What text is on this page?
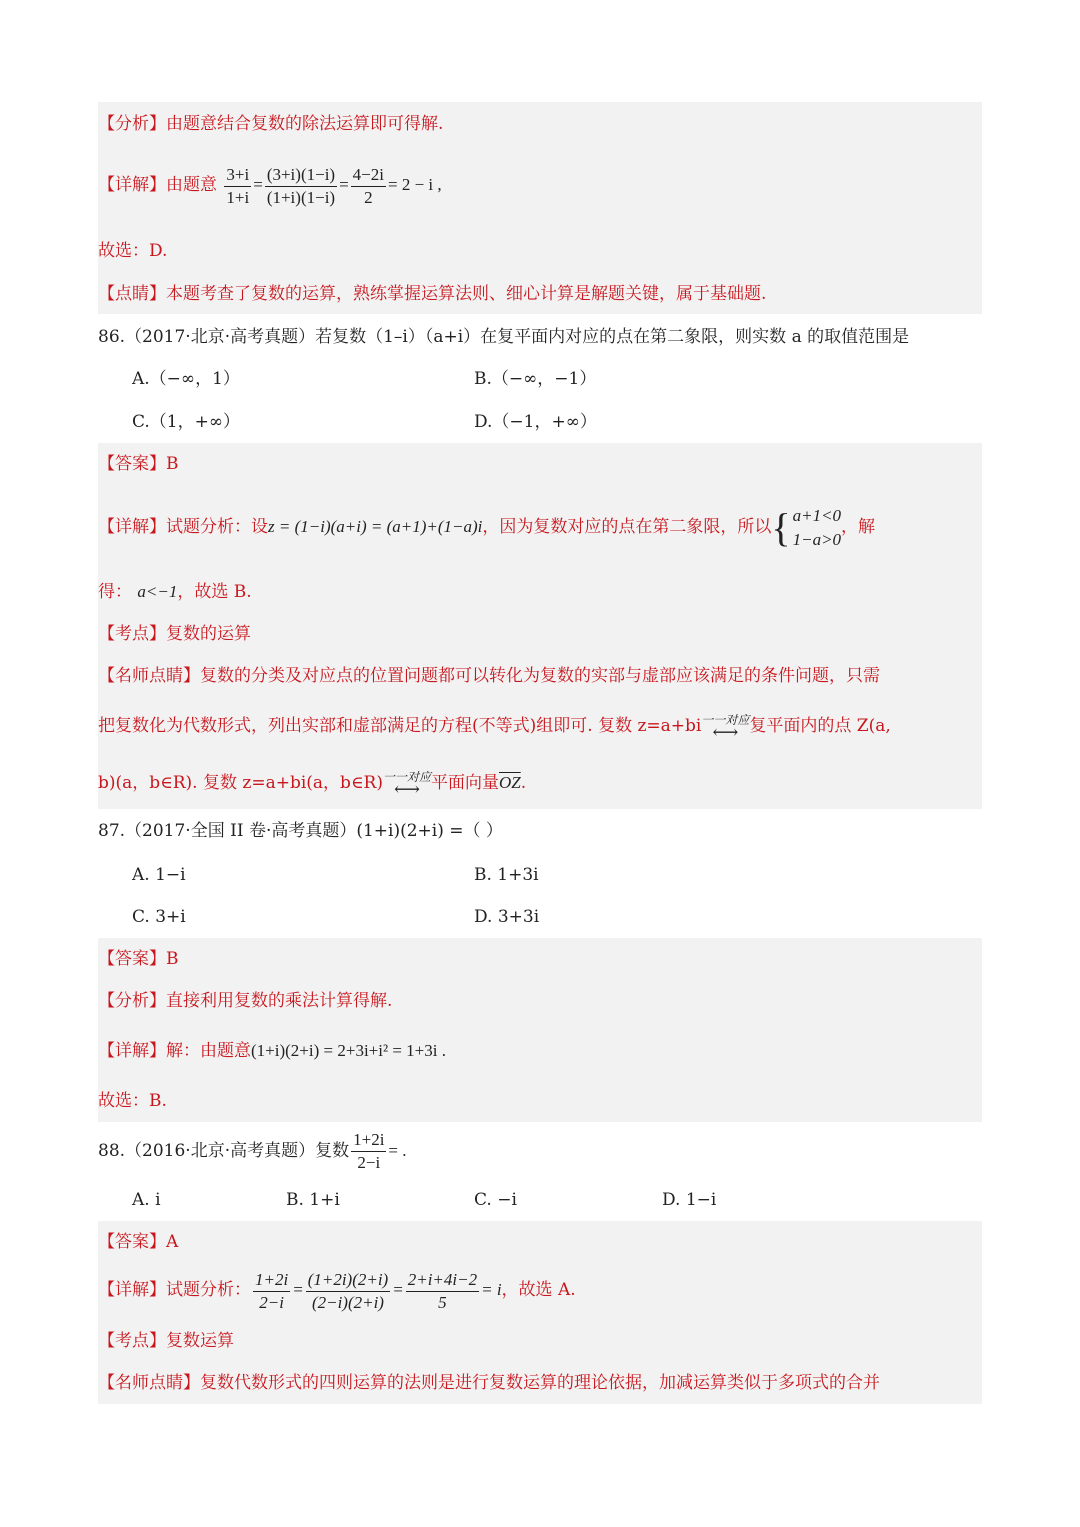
【分析】由题意结合复数的除法运算即可得解.
【详解】由题意 $\frac{3+i}{1+i} = \frac{(3+i)(1-i)}{(1+i)(1-i)} = \frac{4-2i}{2} = 2 - i$ ,
故选：D.
【点睛】本题考查了复数的运算，熟练掌握运算法则、细心计算是解题关键，属于基础题.
86.（2017·北京·高考真题）若复数（1–i）（a+i）在复平面内对应的点在第二象限，则实数 a 的取值范围是
A.（−∞，1）	B.（−∞，−1）
C.（1，+∞）	D.（−1，+∞）
【答案】B
【详解】试题分析：设z = (1−i)(a+i) = (a+1)+(1−a)i，因为复数对应的点在第二象限，所以{ a+1<0
1−a>0
，解
得： a<−1，故选 B.
【考点】复数的运算
【名师点睛】复数的分类及对应点的位置问题都可以转化为复数的实部与虚部应该满足的条件问题，只需
把复数化为代数形式，列出实部和虚部满足的方程(不等式)组即可. 复数 z=a+bi一一对应
⟷ 复平面内的点 Z(a,
b)(a，b∈R). 复数 z=a+bi(a，b∈R)一一对应
⟷ 平面向量$\overline{OZ}$.
87.（2017·全国 II 卷·高考真题）(1+i)(2+i) =（ ）
A. 1−i	B. 1+3i
C. 3+i	D. 3+3i
【答案】B
【分析】直接利用复数的乘法计算得解.
【详解】解：由题意(1+i)(2+i) = 2+3i+i² = 1+3i .
故选：B.
88.（2016·北京·高考真题）复数 $\frac{1+2i}{2-i}$ = .
A. i	B. 1+i	C. −i	D. 1−i
【答案】A
【详解】试题分析： $\frac{1+2i}{2-i} = \frac{(1+2i)(2+i)}{(2-i)(2+i)} = \frac{2+i+4i-2}{5} = i$，故选 A.
【考点】复数运算
【名师点睛】复数代数形式的四则运算的法则是进行复数运算的理论依据，加减运算类似于多项式的合并
